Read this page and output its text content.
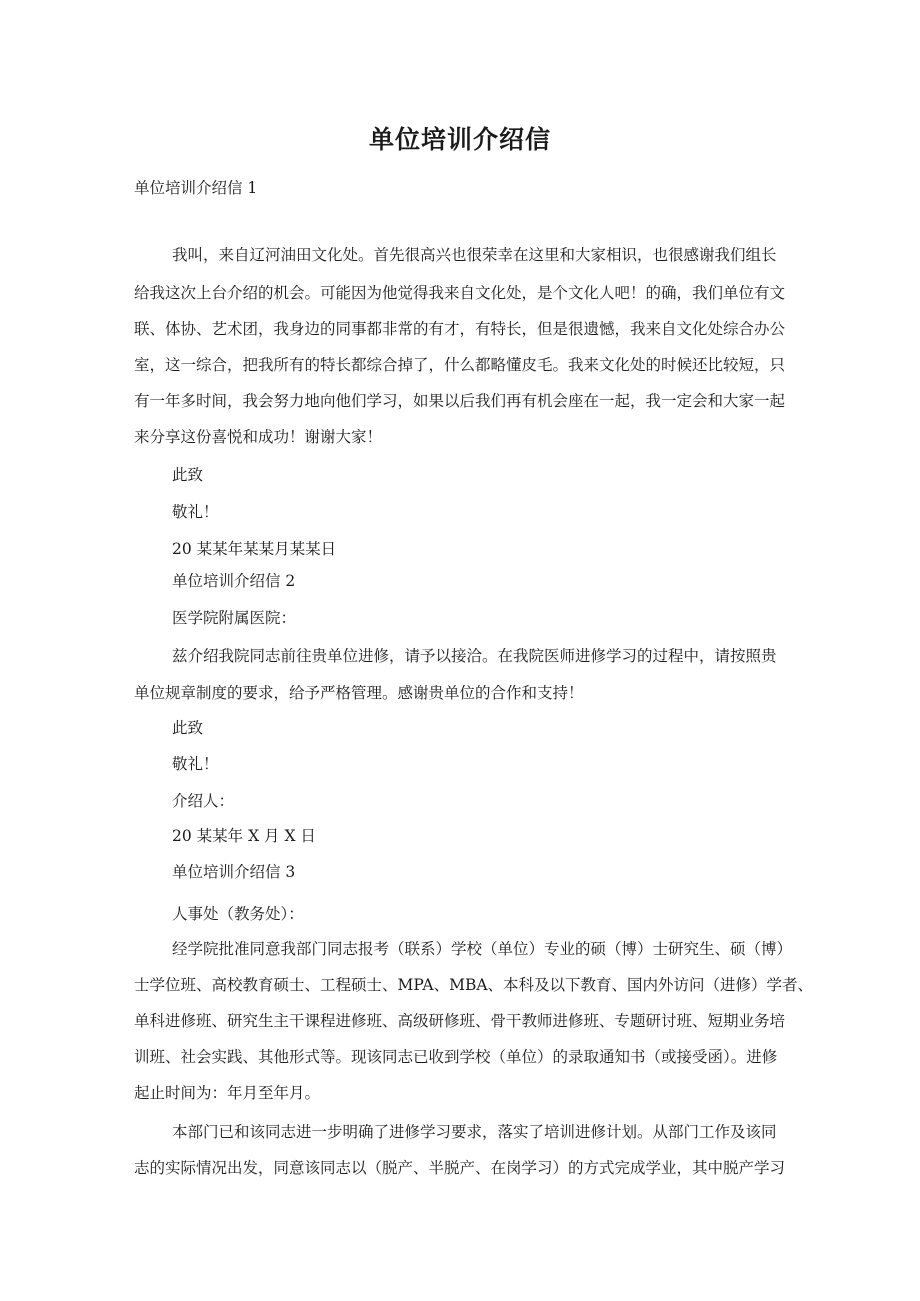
单位培训介绍信
单位培训介绍信 1
我叫，来自辽河油田文化处。首先很高兴也很荣幸在这里和大家相识，也很感谢我们组长
给我这次上台介绍的机会。可能因为他觉得我来自文化处，是个文化人吧！的确，我们单位有文
联、体协、艺术团，我身边的同事都非常的有才，有特长，但是很遗憾，我来自文化处综合办公
室，这一综合，把我所有的特长都综合掉了，什么都略懂皮毛。我来文化处的时候还比较短，只
有一年多时间，我会努力地向他们学习，如果以后我们再有机会座在一起，我一定会和大家一起
来分享这份喜悦和成功！谢谢大家！
此致
敬礼！
20 某某年某某月某某日
单位培训介绍信 2
医学院附属医院：
兹介绍我院同志前往贵单位进修，请予以接洽。在我院医师进修学习的过程中，请按照贵
单位规章制度的要求，给予严格管理。感谢贵单位的合作和支持！
此致
敬礼！
介绍人：
20 某某年 X 月 X 日
单位培训介绍信 3
人事处（教务处）：
经学院批准同意我部门同志报考（联系）学校（单位）专业的硕（博）士研究生、硕（博）
士学位班、高校教育硕士、工程硕士、MPA、MBA、本科及以下教育、国内外访问（进修）学者、
单科进修班、研究生主干课程进修班、高级研修班、骨干教师进修班、专题研讨班、短期业务培
训班、社会实践、其他形式等。现该同志已收到学校（单位）的录取通知书（或接受函）。进修
起止时间为：年月至年月。
本部门已和该同志进一步明确了进修学习要求，落实了培训进修计划。从部门工作及该同
志的实际情况出发，同意该同志以（脱产、半脱产、在岗学习）的方式完成学业，其中脱产学习
